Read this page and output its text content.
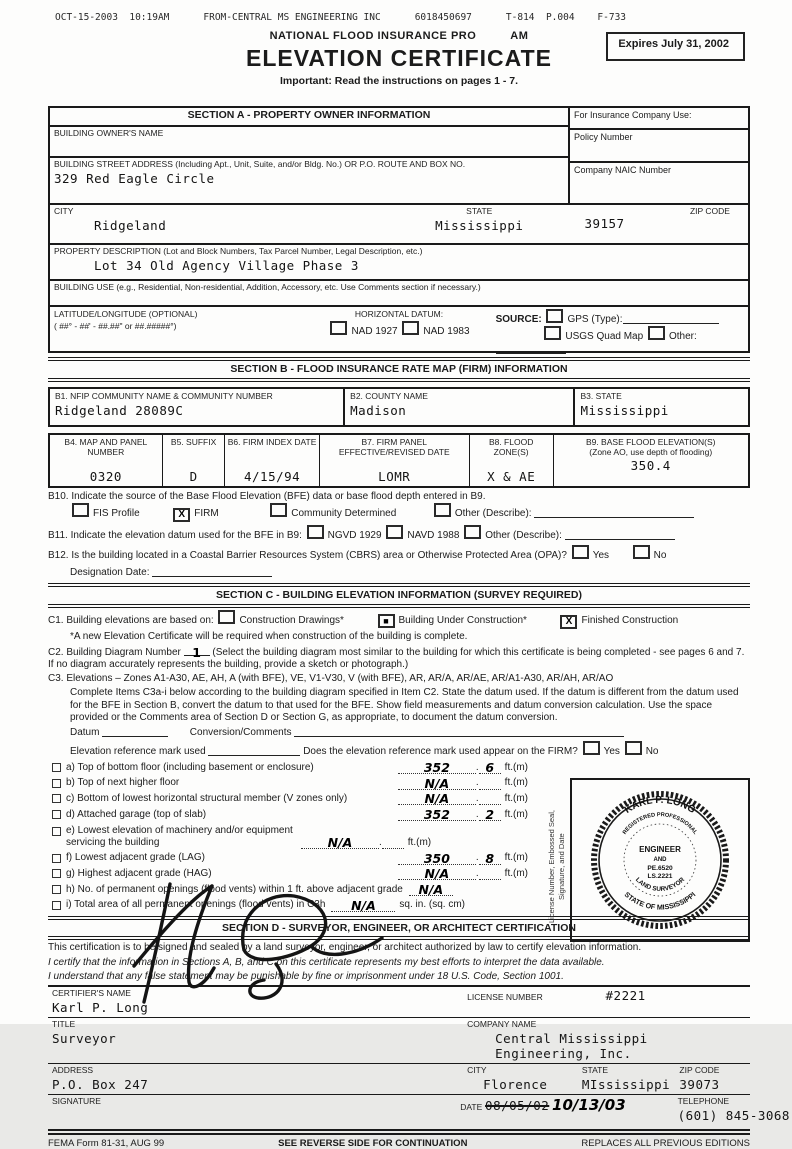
OCT-15-2003  10:19AM	FROM-CENTRAL MS ENGINEERING INC	6018450697	T-814  P.004    F-733
NATIONAL FLOOD INSURANCE PRO	AM
ELEVATION CERTIFICATE
Important: Read the instructions on pages 1 - 7.
Expires July 31, 2002
SECTION A - PROPERTY OWNER INFORMATION
BUILDING OWNER'S NAME
BUILDING STREET ADDRESS (Including Apt., Unit, Suite, and/or Bldg. No.) OR P.O. ROUTE AND BOX NO.
329 Red Eagle Circle
For Insurance Company Use:
Policy Number
Company NAIC Number
CITY
Ridgeland
STATE
Mississippi
ZIP CODE
39157
PROPERTY DESCRIPTION (Lot and Block Numbers, Tax Parcel Number, Legal Description, etc.)
Lot 34 Old Agency Village Phase 3
BUILDING USE (e.g., Residential, Non-residential, Addition, Accessory, etc. Use Comments section if necessary.)
LATITUDE/LONGITUDE (OPTIONAL)
( ##° - ##' - ##.##" or ##.#####°)
HORIZONTAL DATUM:
NAD 1927	NAD 1983
SOURCE:	GPS (Type):
USGS Quad Map	Other:
SECTION B - FLOOD INSURANCE RATE MAP (FIRM) INFORMATION
B1. NFIP COMMUNITY NAME & COMMUNITY NUMBER
Ridgeland 28089C
B2. COUNTY NAME
Madison
B3. STATE
Mississippi
B4. MAP AND PANEL NUMBER
0320
B5. SUFFIX
D
B6. FIRM INDEX DATE
4/15/94
B7. FIRM PANEL EFFECTIVE/REVISED DATE
LOMR
B8. FLOOD ZONE(S)
X & AE
B9. BASE FLOOD ELEVATION(S)
(Zone AO, use depth of flooding)
350.4
B10. Indicate the source of the Base Flood Elevation (BFE) data or base flood depth entered in B9.
FIS Profile	X FIRM	Community Determined	Other (Describe):
B11. Indicate the elevation datum used for the BFE in B9:	NGVD 1929	NAVD 1988	Other (Describe):
B12. Is the building located in a Coastal Barrier Resources System (CBRS) area or Otherwise Protected Area (OPA)?	Yes	No
Designation Date:
SECTION C - BUILDING ELEVATION INFORMATION (SURVEY REQUIRED)
C1. Building elevations are based on:	Construction Drawings*	■ Building Under Construction*	X Finished Construction
*A new Elevation Certificate will be required when construction of the building is complete.
C2. Building Diagram Number 1 (Select the building diagram most similar to the building for which this certificate is being completed - see pages 6 and 7. If no diagram accurately represents the building, provide a sketch or photograph.)
C3. Elevations – Zones A1-A30, AE, AH, A (with BFE), VE, V1-V30, V (with BFE), AR, AR/A, AR/AE, AR/A1-A30, AR/AH, AR/AO
Complete Items C3a-i below according to the building diagram specified in Item C2. State the datum used. If the datum is different from the datum used for the BFE in Section B, convert the datum to that used for the BFE. Show field measurements and datum conversion calculation. Use the space provided or the Comments area of Section D or Section G, as appropriate, to document the datum conversion.
Datum	Conversion/Comments
Elevation reference mark used	Does the elevation reference mark used appear on the FIRM?	Yes	No
a) Top of bottom floor (including basement or enclosure)	352	. 6	ft.(m)
b) Top of next higher floor	N/A	.	ft.(m)
c) Bottom of lowest horizontal structural member (V zones only)	N/A	.	ft.(m)
d) Attached garage (top of slab)	352	. 2	ft.(m)
e) Lowest elevation of machinery and/or equipment servicing the building	N/A	.	ft.(m)
f) Lowest adjacent grade (LAG)	350	. 8	ft.(m)
g) Highest adjacent grade (HAG)	N/A	.	ft.(m)
h) No. of permanent openings (flood vents) within 1 ft. above adjacent grade	N/A
i) Total area of all permanent openings (flood vents) in C3h	N/A	sq. in. (sq. cm)	License Number, Embossed Seal,
Signature, and Date
KARL P. LONG
REGISTERED PROFESSIONAL
ENGINEER
AND
PE.6520
LS.2221
LAND SURVEYOR
STATE OF MISSISSIPPI
SECTION D - SURVEYOR, ENGINEER, OR ARCHITECT CERTIFICATION
This certification is to be signed and sealed by a land surveyor, engineer, or architect authorized by law to certify elevation information.
I certify that the information in Sections A, B, and C on this certificate represents my best efforts to interpret the data available.
I understand that any false statement may be punishable by fine or imprisonment under 18 U.S. Code, Section 1001.
CERTIFIER'S NAME
Karl P. Long
LICENSE NUMBER	#2221
TITLE
Surveyor
COMPANY NAME
Central Mississippi Engineering, Inc.
ADDRESS
P.O. Box 247
CITY
Florence
STATE
MIssissippi
ZIP CODE
39073
SIGNATURE
DATE 08/05/02 10/13/03	TELEPHONE
(601) 845-3068
FEMA Form 81-31, AUG 99	SEE REVERSE SIDE FOR CONTINUATION	REPLACES ALL PREVIOUS EDITIONS
